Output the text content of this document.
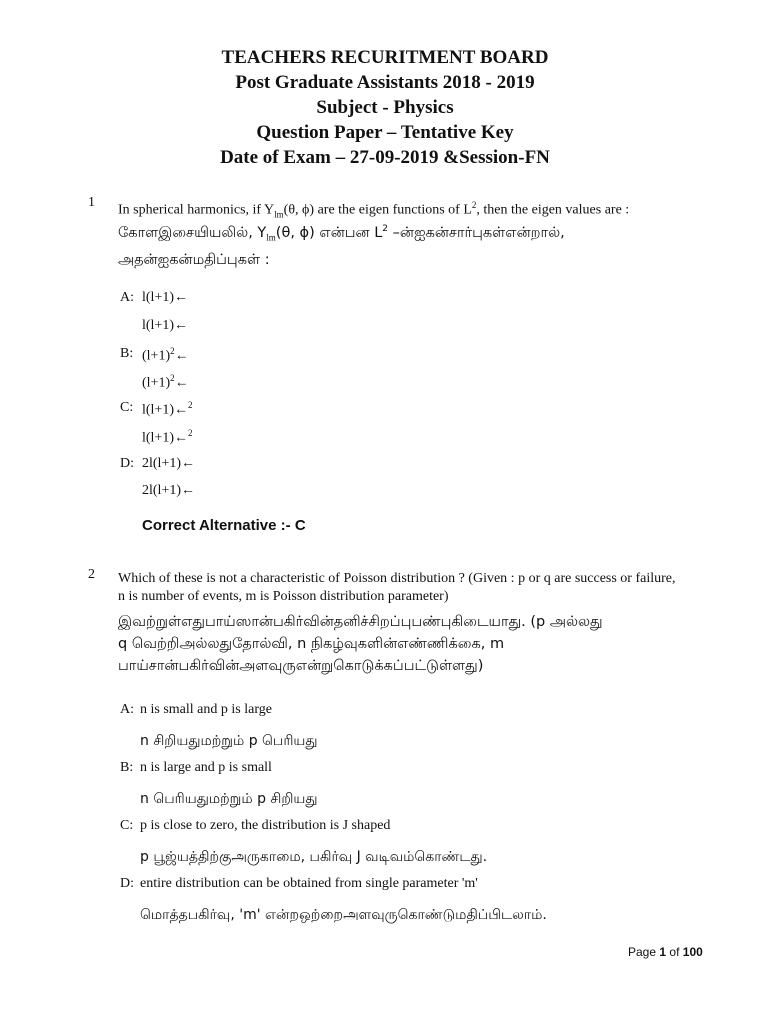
TEACHERS RECURITMENT BOARD
Post Graduate Assistants 2018 - 2019
Subject - Physics
Question Paper – Tentative Key
Date of Exam – 27-09-2019 &Session-FN
1
In spherical harmonics, if $Y_{lm}(\theta$, ϕ) are the eigen functions of $L^2$, then the eigen values are :
கோளஇசையியலில், $Y_{lm}(\theta$, ϕ) என்பன $L^2$ –ன்ஐகன்சார்புகள்என்றால்,
அதன்ஐகன்மதிப்புகள் :
A: l(l+1)←
l(l+1)←
B: $(l+1)^2\leftarrow$
$(l+1)^2\leftarrow$
C: l(l+1)←$^2$
l(l+1)←$^2$
D: 2l(l+1)←
2l(l+1)←
Correct Alternative :- C
2 Which of these is not a characteristic of Poisson distribution ? (Given : p or q are success or failure,
n is number of events, m is Poisson distribution parameter)
இவற்றுள்எதுபாய்ஸான்பகிர்வின்தனிச்சிறப்புபண்புகிடையாது. (p அல்லது
q வெற்றிஅல்லதுதோல்வி, n நிகழ்வுகளின்எண்ணிக்கை, m
பாய்சான்பகிர்வின்அளவுருஎன்றுகொடுக்கப்பட்டுள்ளது)
A: n is small and p is large
n சிறியதுமற்றும் p பெரியது
B: n is large and p is small
n பெரியதுமற்றும் p சிறியது
C: p is close to zero, the distribution is J shaped
p பூஜ்யத்திற்குஅருகாமை, பகிர்வு J வடிவம்கொண்டது.
D: entire distribution can be obtained from single parameter 'm'
மொத்தபகிர்வு, 'm' என்றஒற்றைஅளவுருகொண்டுமதிப்பிடலாம்.
Page 1 of 100
